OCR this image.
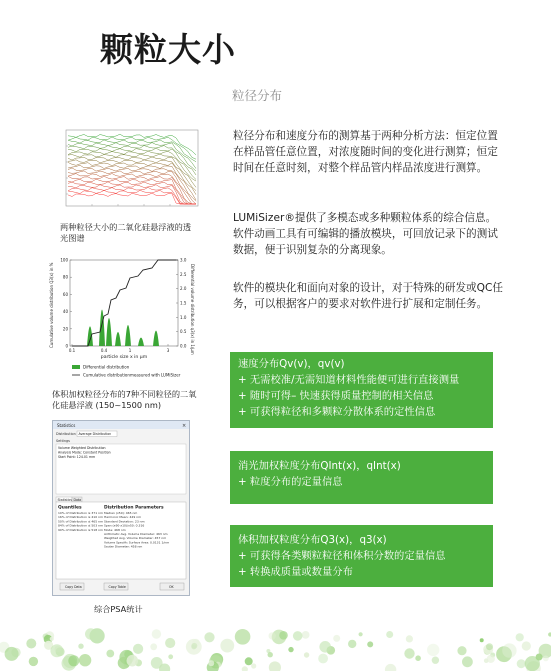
颗粒大小
粒径分布
粒径分布和速度分布的测算基于两种分析方法：恒定位置在样品管任意位置，对浓度随时间的变化进行测算；恒定时间在任意时刻，对整个样品管内样品浓度进行测算。
LUMiSizer®提供了多模态或多种颗粒体系的综合信息。软件动画工具有可编辑的播放模块，可回放记录下的测试数据，便于识别复杂的分离现象。
软件的模块化和面向对象的设计，对于特殊的研发或QC任务，可以根据客户的要求对软件进行扩展和定制任务。
速度分布Qv(v)，qv(v)
+ 无需校准/无需知道材料性能便可进行直接测量
+ 随时可得– 快速获得质量控制的相关信息
+ 可获得粒径和多颗粒分散体系的定性信息
消光加权粒度分布QInt(x)，qInt(x)
+ 粒度分布的定量信息
体积加权粒度分布Q3(x)，q3(x)
+ 可获得各类颗粒粒径和体积分数的定量信息
+ 转换成质量或数量分布
两种粒径大小的二氧化硅悬浮液的透光图谱
100
80
60
40
20
0
3.0
2.5
2.0
1.5
1.0
0.5
0.0
0.1	0.4	1	3
particle size x in µm
Cumulative volume distribution Q3(x) in %	Differential volume distribution q3(x) in 1/µm
Differential distribution
Cumulative distribution measured with LUMiSizer
体积加权粒径分布的7种不同粒径的二氧化硅悬浮液 (150~1500 nm)
Statistics	×
Distribution Average Distribution
Settings
Volume Weighted Distribution
Analysis Mode: Constant Position
Start Point: 124.01 mm
Statistics Data
Quantiles	Distribution Parameters
10% of Distribution ≤ 371 nm
16% of Distribution ≤ 410 nm
50% of Distribution ≤ 465 nm
84% of Distribution ≤ 503 nm
90% of Distribution ≤ 518 nm
Median (x50): 465 nm
Harmonic Mean: 449 nm
Standard Deviation: 23 nm
Span (x90-x10)/x50: 0.316
Mode: 468 nm
Arithmetic Avg. Volume Diameter: 463 nm
Weighted Avg. Volume Diameter: 457 nm
Volume Specific Surface Area: 0.0131 1/nm
Sauter Diameter: 458 nm
Copy Data	Copy Table	OK
综合PSA统计
